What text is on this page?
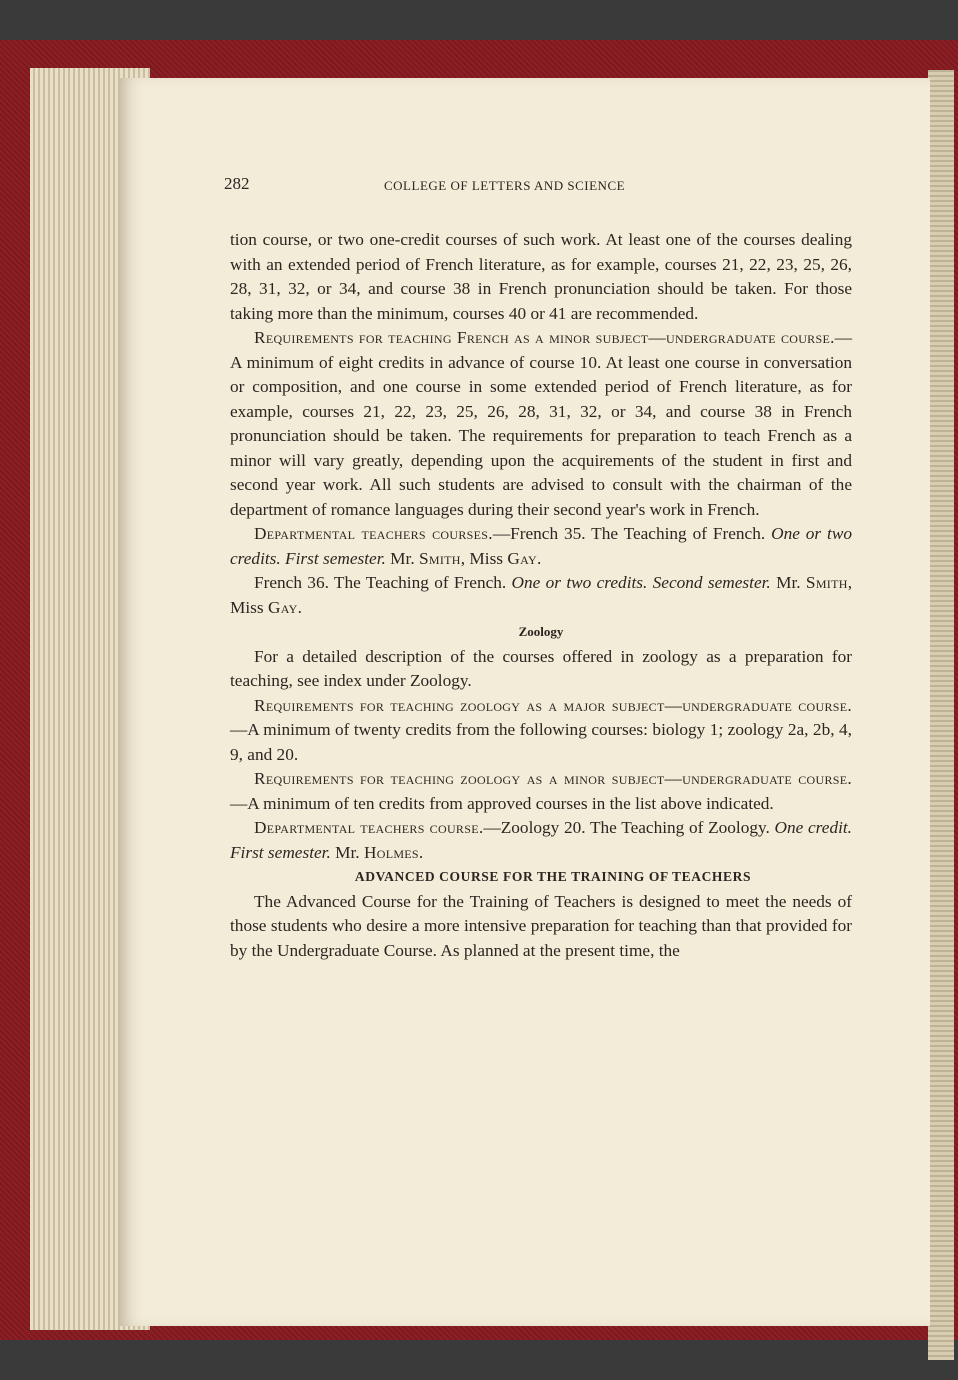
282	COLLEGE OF LETTERS AND SCIENCE

tion course, or two one-credit courses of such work. At least one of the courses dealing with an extended period of French literature, as for example, courses 21, 22, 23, 25, 26, 28, 31, 32, or 34, and course 38 in French pronunciation should be taken. For those taking more than the minimum, courses 40 or 41 are recommended.

Requirements for teaching French as a minor subject—undergraduate course.—A minimum of eight credits in advance of course 10. At least one course in conversation or composition, and one course in some extended period of French literature, as for example, courses 21, 22, 23, 25, 26, 28, 31, 32, or 34, and course 38 in French pronunciation should be taken. The requirements for preparation to teach French as a minor will vary greatly, depending upon the acquirements of the student in first and second year work. All such students are advised to consult with the chairman of the department of romance languages during their second year's work in French.

Departmental teachers courses.—French 35. The Teaching of French. One or two credits. First semester. Mr. Smith, Miss Gay.

French 36. The Teaching of French. One or two credits. Second semester. Mr. Smith, Miss Gay.

Zoology

For a detailed description of the courses offered in zoology as a preparation for teaching, see index under Zoology.

Requirements for teaching zoology as a major subject—undergraduate course.—A minimum of twenty credits from the following courses: biology 1; zoology 2a, 2b, 4, 9, and 20.

Requirements for teaching zoology as a minor subject—undergraduate course.—A minimum of ten credits from approved courses in the list above indicated.

Departmental teachers course.—Zoology 20. The Teaching of Zoology. One credit. First semester. Mr. Holmes.

ADVANCED COURSE FOR THE TRAINING OF TEACHERS

The Advanced Course for the Training of Teachers is designed to meet the needs of those students who desire a more intensive preparation for teaching than that provided for by the Undergraduate Course. As planned at the present time, the
